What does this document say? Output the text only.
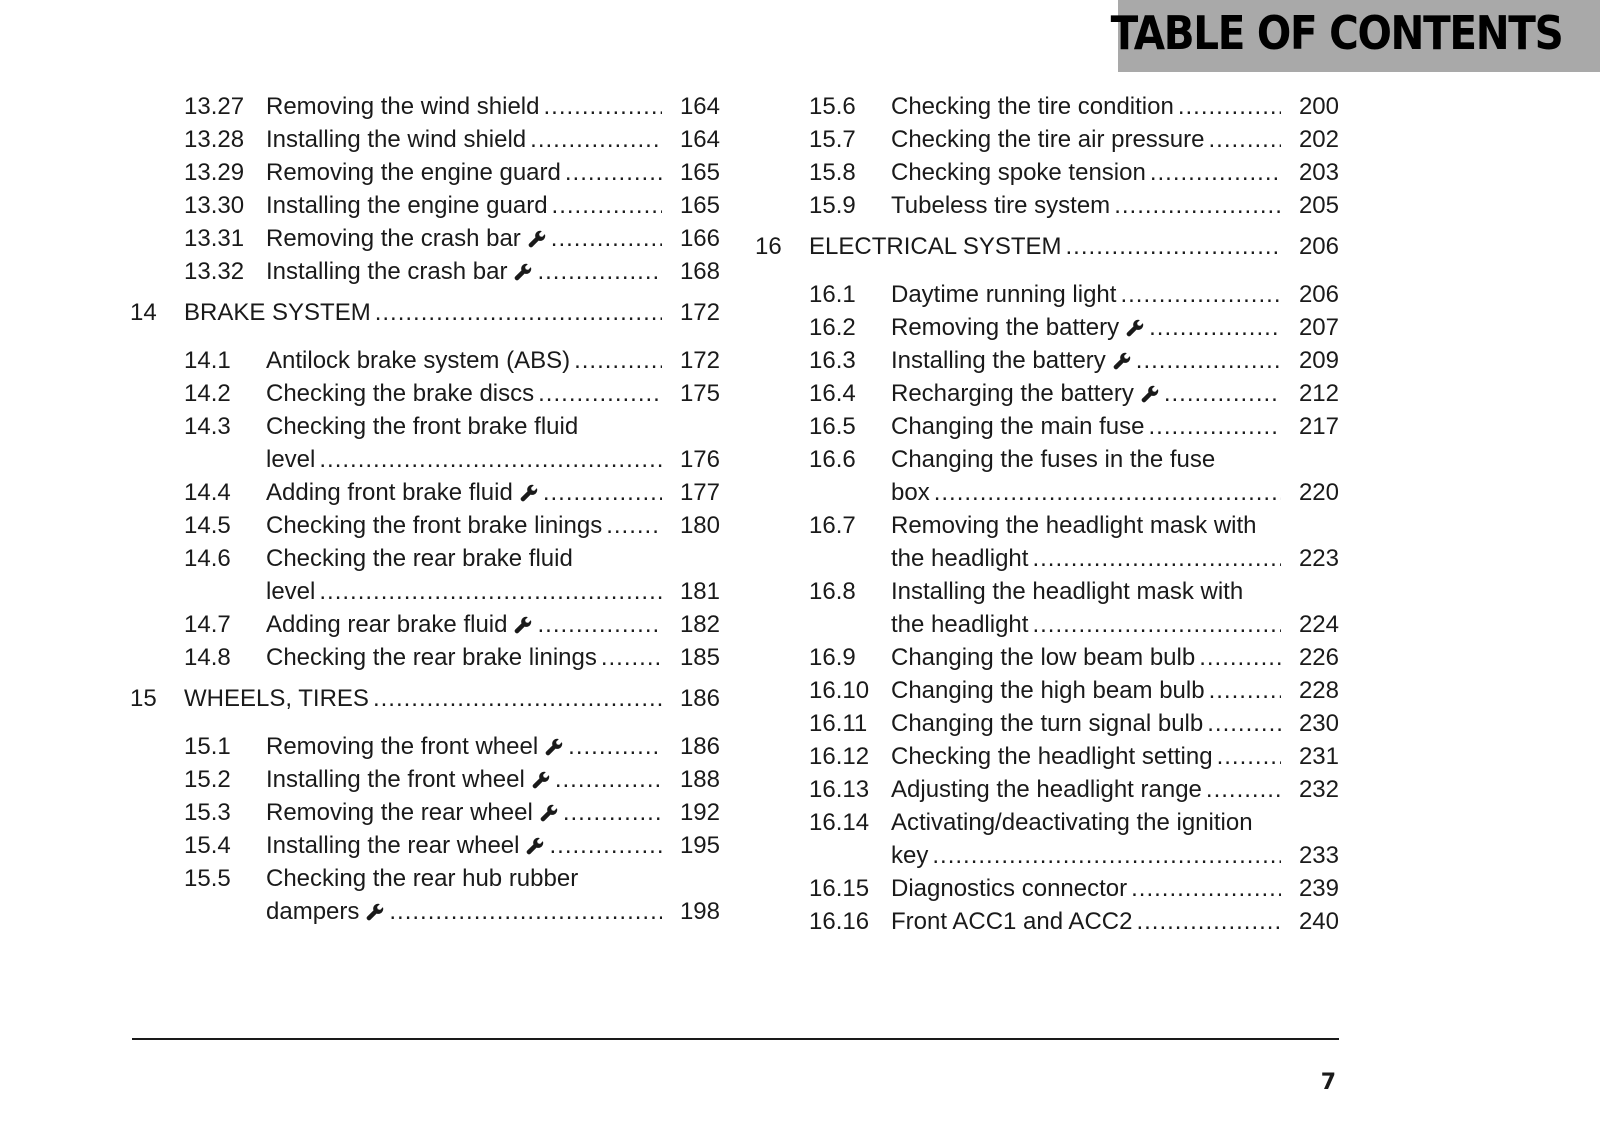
TABLE OF CONTENTS
13.27 Removing the wind shield .....	164
13.28 Installing the wind shield .....	164
13.29 Removing the engine guard .....	165
13.30 Installing the engine guard .....	165
13.31 Removing the crash bar .....	166
13.32 Installing the crash bar .....	168
14 BRAKE SYSTEM .....	172
14.1 Antilock brake system (ABS) .....	172
14.2 Checking the brake discs .....	175
14.3 Checking the front brake fluid
level .....	176
14.4 Adding front brake fluid .....	177
14.5 Checking the front brake linings .....	180
14.6 Checking the rear brake fluid
level .....	181
14.7 Adding rear brake fluid .....	182
14.8 Checking the rear brake linings .....	185
15 WHEELS, TIRES .....	186
15.1 Removing the front wheel .....	186
15.2 Installing the front wheel .....	188
15.3 Removing the rear wheel .....	192
15.4 Installing the rear wheel .....	195
15.5 Checking the rear hub rubber
dampers .....	198
15.6 Checking the tire condition .....	200
15.7 Checking the tire air pressure .....	202
15.8 Checking spoke tension .....	203
15.9 Tubeless tire system .....	205
16 ELECTRICAL SYSTEM .....	206
16.1 Daytime running light .....	206
16.2 Removing the battery .....	207
16.3 Installing the battery .....	209
16.4 Recharging the battery .....	212
16.5 Changing the main fuse .....	217
16.6 Changing the fuses in the fuse
box .....	220
16.7 Removing the headlight mask with
the headlight .....	223
16.8 Installing the headlight mask with
the headlight .....	224
16.9 Changing the low beam bulb .....	226
16.10 Changing the high beam bulb .....	228
16.11 Changing the turn signal bulb .....	230
16.12 Checking the headlight setting .....	231
16.13 Adjusting the headlight range .....	232
16.14 Activating/deactivating the ignition
key .....	233
16.15 Diagnostics connector .....	239
16.16 Front ACC1 and ACC2 .....	240
7
